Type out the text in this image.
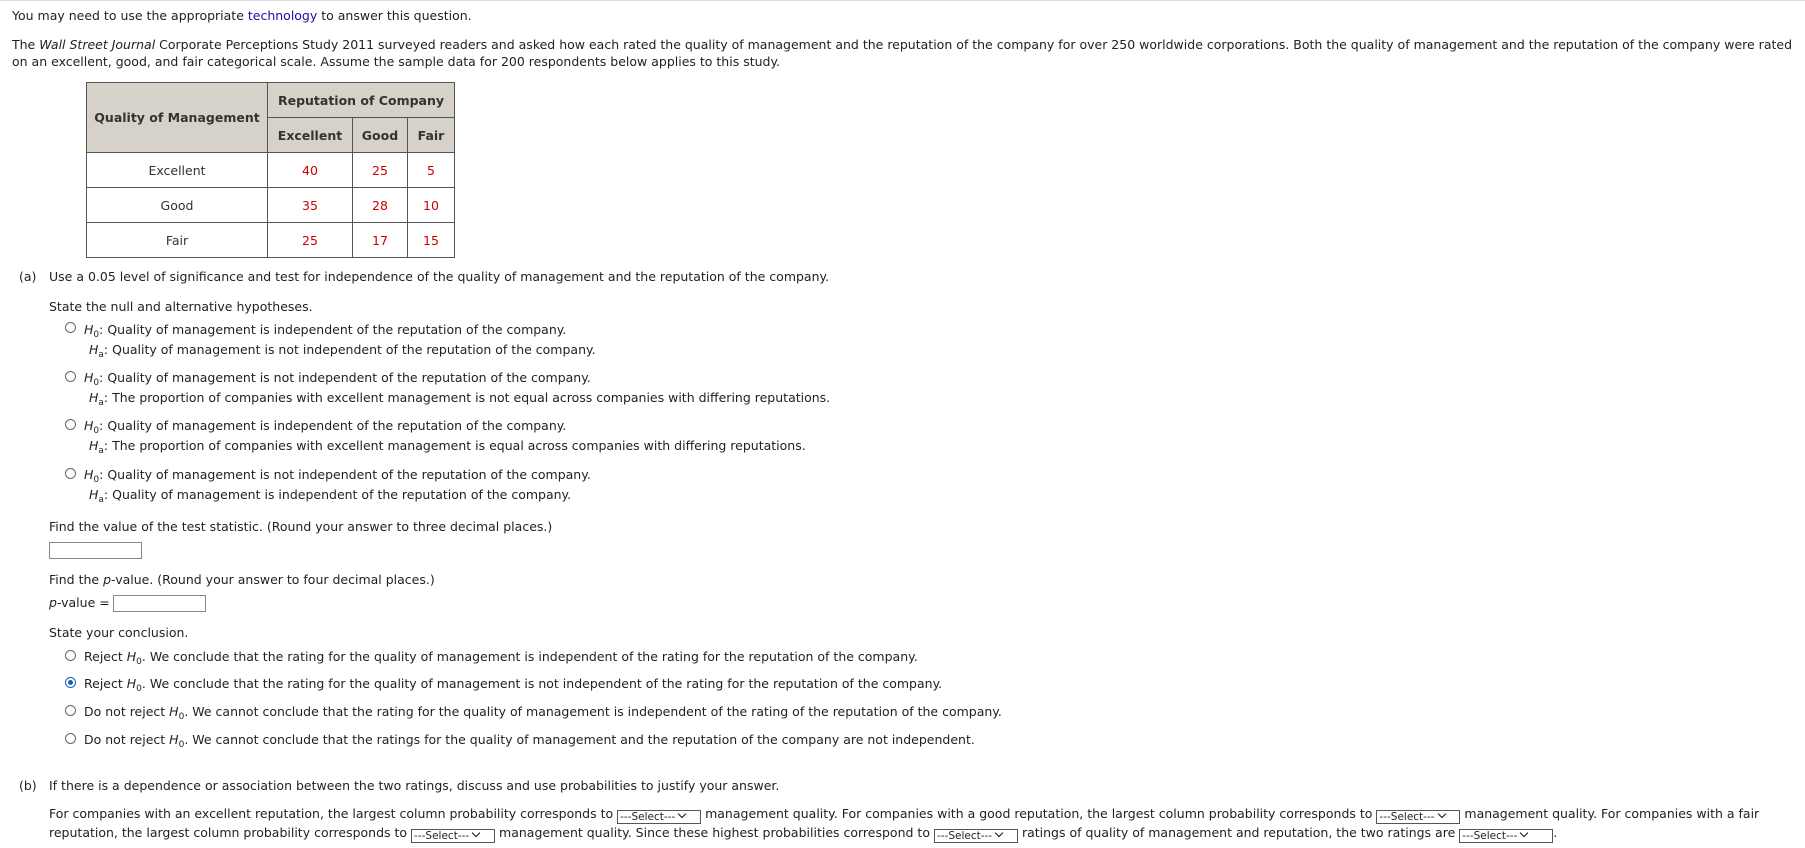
You may need to use the appropriate technology to answer this question.
The Wall Street Journal Corporate Perceptions Study 2011 surveyed readers and asked how each rated the quality of management and the reputation of the company for over 250 worldwide corporations. Both the quality of management and the reputation of the company were rated on an excellent, good, and fair categorical scale. Assume the sample data for 200 respondents below applies to this study.
Quality of Management	Reputation of Company		
	Excellent	Good	Fair
Excellent	40	25	5
Good	35	28	10
Fair	25	17	15
(a) Use a 0.05 level of significance and test for independence of the quality of management and the reputation of the company.
State the null and alternative hypotheses.
$H_0$: Quality of management is independent of the reputation of the company.
$H_a$: Quality of management is not independent of the reputation of the company.
$H_0$: Quality of management is not independent of the reputation of the company.
$H_a$: The proportion of companies with excellent management is not equal across companies with differing reputations.
$H_0$: Quality of management is independent of the reputation of the company.
$H_a$: The proportion of companies with excellent management is equal across companies with differing reputations.
$H_0$: Quality of management is not independent of the reputation of the company.
$H_a$: Quality of management is independent of the reputation of the company.
Find the value of the test statistic. (Round your answer to three decimal places.)
Find the p-value. (Round your answer to four decimal places.)
p-value =
State your conclusion.
Reject $H_0$. We conclude that the rating for the quality of management is independent of the rating for the reputation of the company.
Reject $H_0$. We conclude that the rating for the quality of management is not independent of the rating for the reputation of the company.
Do not reject $H_0$. We cannot conclude that the rating for the quality of management is independent of the rating of the reputation of the company.
Do not reject $H_0$. We cannot conclude that the ratings for the quality of management and the reputation of the company are not independent.
(b) If there is a dependence or association between the two ratings, discuss and use probabilities to justify your answer.
For companies with an excellent reputation, the largest column probability corresponds to ---Select--- management quality. For companies with a good reputation, the largest column probability corresponds to ---Select--- management quality. For companies with a fair reputation, the largest column probability corresponds to ---Select--- management quality. Since these highest probabilities correspond to ---Select--- ratings of quality of management and reputation, the two ratings are ---Select---	.
